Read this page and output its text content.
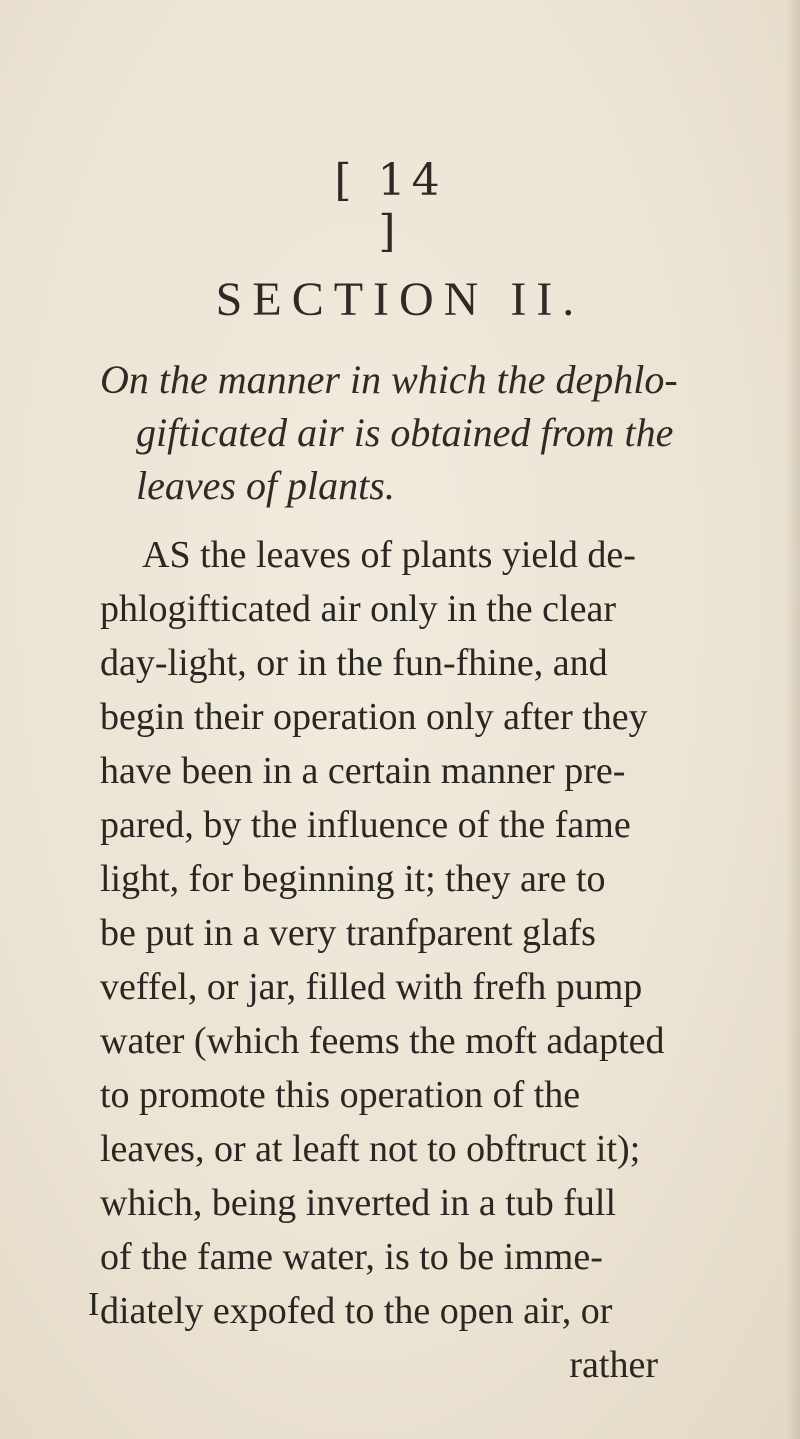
[ 14 ]
SECTION II.
On the manner in which the dephlo-
gifticated air is obtained from the
leaves of plants.
AS the leaves of plants yield de-
phlogifticated air only in the clear
day-light, or in the fun-fhine, and
begin their operation only after they
have been in a certain manner pre-
pared, by the influence of the fame
light, for beginning it; they are to
be put in a very tranfparent glafs
veffel, or jar, filled with frefh pump
water (which feems the moft adapted
to promote this operation of the
leaves, or at leaft not to obftruct it);
which, being inverted in a tub full
of the fame water, is to be imme-
diately expofed to the open air, or
rather
I
